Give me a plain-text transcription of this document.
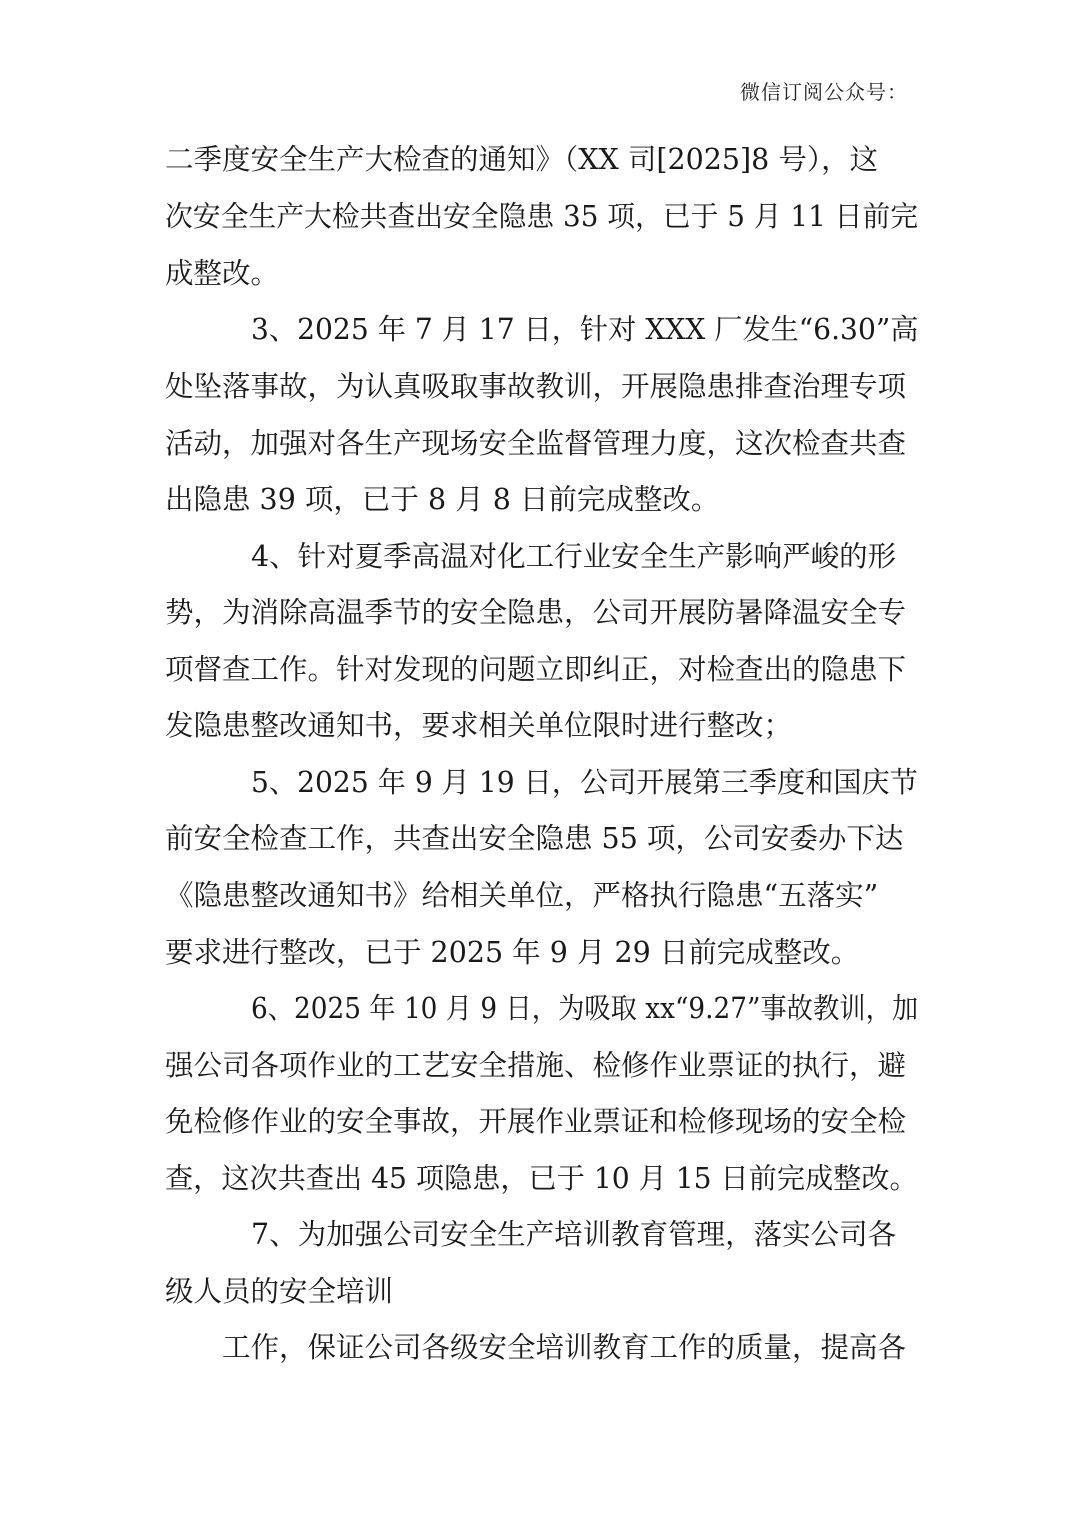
微信订阅公众号：
二季度安全生产大检查的通知》（XX 司[2025]8 号），这
次安全生产大检共查出安全隐患 35 项，已于 5 月 11 日前完
成整改。
3、2025 年 7 月 17 日，针对 XXX 厂发生“6.30”高
处坠落事故，为认真吸取事故教训，开展隐患排查治理专项
活动，加强对各生产现场安全监督管理力度，这次检查共查
出隐患 39 项，已于 8 月 8 日前完成整改。
4、针对夏季高温对化工行业安全生产影响严峻的形
势，为消除高温季节的安全隐患，公司开展防暑降温安全专
项督查工作。针对发现的问题立即纠正，对检查出的隐患下
发隐患整改通知书，要求相关单位限时进行整改；
5、2025 年 9 月 19 日，公司开展第三季度和国庆节
前安全检查工作，共查出安全隐患 55 项，公司安委办下达
《隐患整改通知书》给相关单位，严格执行隐患“五落实”
要求进行整改，已于 2025 年 9 月 29 日前完成整改。
6、2025 年 10 月 9 日，为吸取 xx“9.27”事故教训，加
强公司各项作业的工艺安全措施、检修作业票证的执行，避
免检修作业的安全事故，开展作业票证和检修现场的安全检
查，这次共查出 45 项隐患，已于 10 月 15 日前完成整改。
7、为加强公司安全生产培训教育管理，落实公司各
级人员的安全培训
工作，保证公司各级安全培训教育工作的质量，提高各
